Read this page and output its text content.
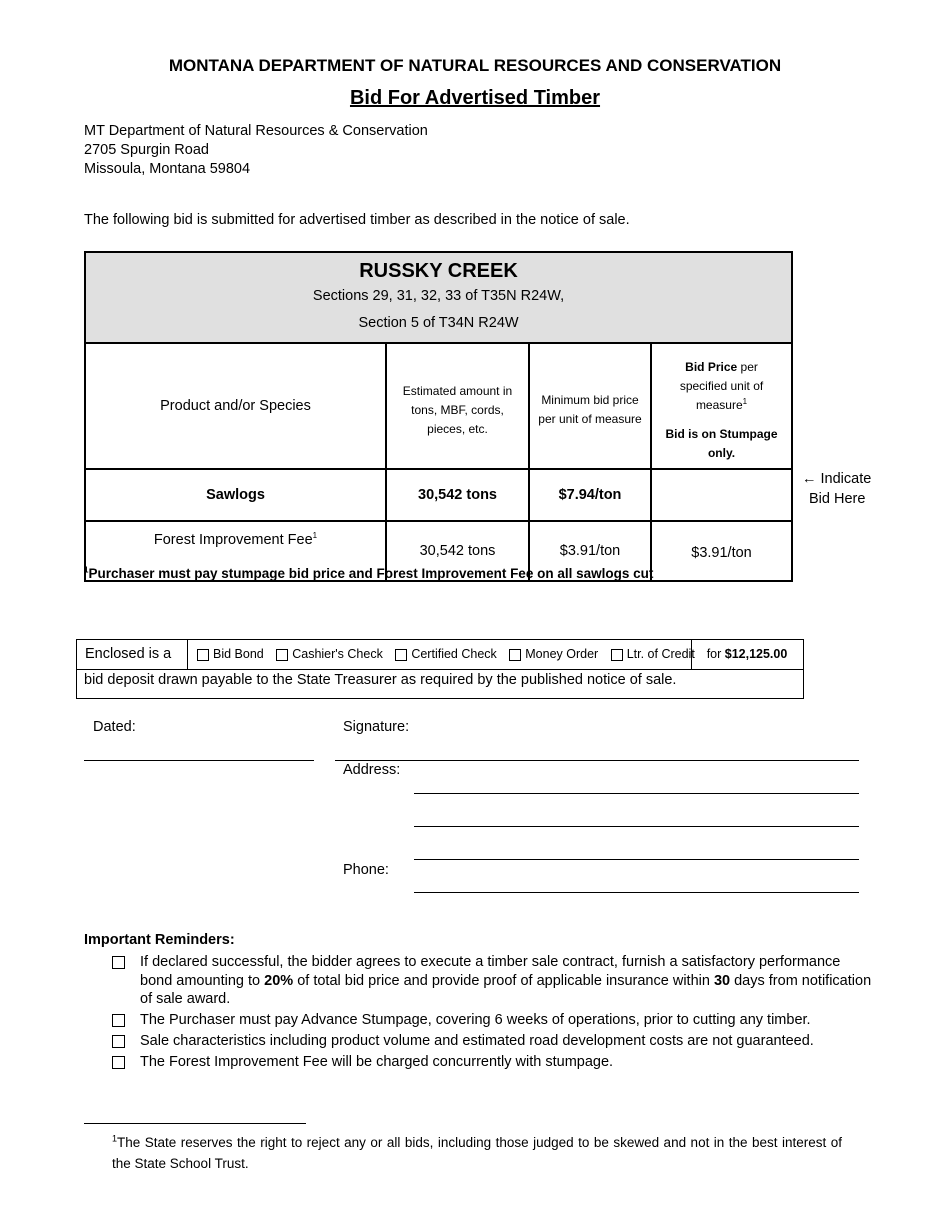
MONTANA DEPARTMENT OF NATURAL RESOURCES AND CONSERVATION
Bid For Advertised Timber
MT Department of Natural Resources & Conservation
2705 Spurgin Road
Missoula, Montana 59804
The following bid is submitted for advertised timber as described in the notice of sale.
RUSSKY CREEK
Sections 29, 31, 32, 33 of T35N R24W,
Section 5 of T34N R24W			

Product and/or Species	Estimated amount in tons, MBF, cords, pieces, etc.	Minimum bid price per unit of measure	Bid Price per specified unit of measure$^1$
Bid is on Stumpage only.

Sawlogs	30,542 tons	$7.94/ton	
Forest Improvement Fee$^1$	30,542 tons	$3.91/ton	$3.91/ton
← Indicate
Bid Here
$^1$Purchaser must pay stumpage bid price and Forest Improvement Fee on all sawlogs cut
Enclosed is a	Bid Bond
Cashier's Check
Certified Check
Money Order
Ltr. of Credit for $12,125.00
bid deposit drawn payable to the State Treasurer as required by the published notice of sale.
Dated:	Signature:
Address:
Phone:
Important Reminders:
If declared successful, the bidder agrees to execute a timber sale contract, furnish a satisfactory performance bond amounting to 20% of total bid price and provide proof of applicable insurance within 30 days from notification of sale award.
The Purchaser must pay Advance Stumpage, covering 6 weeks of operations, prior to cutting any timber.
Sale characteristics including product volume and estimated road development costs are not guaranteed.
The Forest Improvement Fee will be charged concurrently with stumpage.
$^1$The State reserves the right to reject any or all bids, including those judged to be skewed and not in the best interest of the State School Trust.
